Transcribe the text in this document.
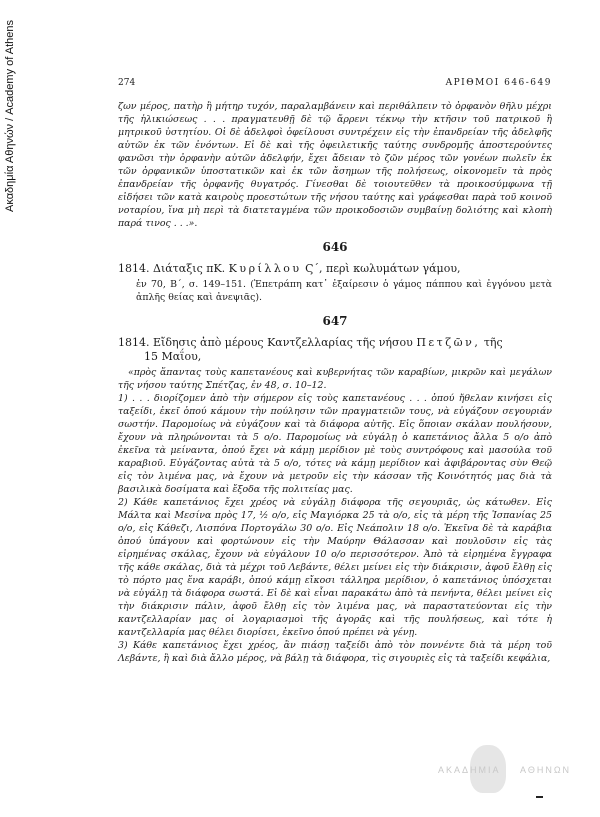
Ακαδημία Αθηνών / Academy of Athens	274	ΑΡΙΘΜΟΙ 646-649

ζων μέρος, πατὴρ ἢ μήτηρ τυχόν, παραλαμβάνειν καὶ περιθάλπειν τὸ ὀρφανὸν θῆλυ μέχρι τῆς ἡλικιώσεως . . . πραγματευθῇ δὲ τῷ ἄρρενι τέκνῳ τὴν κτῆσιν τοῦ πατρικοῦ ἢ μητρικοῦ ὑστητίου. Οἱ δὲ ἀδελφοὶ ὀφείλουσι συντρέχειν εἰς τὴν ἐπανδρείαν τῆς ἀδελφῆς αὐτῶν ἐκ τῶν ἐνόντων. Εἰ δὲ καὶ τῆς ὀφειλετικῆς ταύτης συνδρομῆς ἀποστερούντες φανῶσι τὴν ὀρφανὴν αὐτῶν ἀδελφήν, ἔχει ἄδειαν τὸ ζῶν μέρος τῶν γονέων πωλεῖν ἐκ τῶν ὀρφανικῶν ὑποστατικῶν καὶ ἐκ τῶν ἄσημων τῆς πολήσεως, οἰκονομεῖν τὰ πρὸς ἐπανδρείαν τῆς ὀρφανῆς θυγατρός. Γίνεσθαι δὲ τοιουτεῦθεν τὰ προικοσύμφωνα τῇ εἰδήσει τῶν κατὰ καιροὺς προεστώτων τῆς νήσου ταύτης καὶ γράφεσθαι παρὰ τοῦ κοινοῦ νοταρίου, ἵνα μὴ περὶ τὰ διατεταγμένα τῶν προικοδοσιῶν συμβαίνῃ δολιότης καὶ κλοπὴ παρά τινος . . .».

646

1814. Διάταξις πΚ. Κυρίλλου Ϛ΄, περὶ κωλυμάτων γάμου,

ἐν 70, Β΄, σ. 149–151. (Ἐπετράπη κατ᾿ ἐξαίρεσιν ὁ γάμος πάππου καὶ ἐγγόνου μετὰ ἀπλῆς θείας καὶ ἀνεψιᾶς).

647

1814. Εἴδησις ἀπὸ μέρους Καντζελλαρίας τῆς νήσου Πετζῶν, τῆς
15 Μαΐου,

«πρὸς ἅπαντας τοὺς καπετανέους καὶ κυβερνήτας τῶν καραβίων, μικρῶν καὶ μεγάλων τῆς νήσου ταύτης Σπέτζας, ἐν 48, σ. 10–12.

1) . . . διορίζομεν ἀπὸ τὴν σήμερον εἰς τοὺς καπετανέους . . . ὁπού ἤθελαν κινήσει εἰς ταξείδι, ἐκεῖ ὁπού κάμουν τὴν πούλησιν τῶν πραγματειῶν τους, νὰ εὐγάζουν σεγουριάν σωστήν. Παρομοίως νὰ εὐγάζουν καὶ τὰ διάφορα αὐτῆς. Εἰς ὅποιαν σκάλαν πουλήσουν, ἔχουν νὰ πληρώνονται τὰ 5 ο/ο. Παρομοίως νὰ εὐγάλῃ ὁ καπετάνιος ἄλλα 5 ο/ο ἀπὸ ἐκεῖνα τὰ μείναντα, ὁπού ἔχει νὰ κάμῃ μερίδιον μὲ τοὺς συντρόφους καὶ μασούλα τοῦ καραβιοῦ. Εὐγάζοντας αὐτὰ τὰ 5 ο/ο, τότες νὰ κάμῃ μερίδιον καὶ ἀφιβάροντας σὺν Θεῷ εἰς τὸν λιμένα μας, νὰ ἔχουν νὰ μετροῦν εἰς τὴν κάσσαν τῆς Κοινότητός μας διὰ τὰ βασιλικὰ δοσίματα καὶ ἔξοδα τῆς πολιτείας μας.

2) Κάθε καπετάνιος ἔχει χρέος νὰ εὐγάλῃ διάφορα τῆς σεγουριᾶς, ὡς κάτωθεν. Εἰς Μάλτα καὶ Μεσίνα πρὸς 17, ½ ο/ο, εἰς Μαγιόρκα 25 τὰ ο/ο, εἰς τὰ μέρη τῆς Ἰσπανίας 25 ο/ο, εἰς Κάθεζι, Λισπόνα Πορτογάλω 30 ο/ο. Εἰς Νεάπολιν 18 ο/ο. Ἐκεῖνα δὲ τὰ καράβια ὁπού ὑπάγουν καὶ φορτώνουν εἰς τὴν Μαύρην Θάλασσαν καὶ πουλοῦσιν εἰς τὰς εἰρημένας σκάλας, ἔχουν νὰ εὐγάλουν 10 ο/ο περισσότερον. Ἀπὸ τὰ εἰρημένα ἔγγραφα τῆς κάθε σκάλας, διὰ τὰ μέχρι τοῦ Λεβάντε, θέλει μείνει εἰς τὴν διάκρισιν, ἀφοῦ ἔλθῃ εἰς τὸ πόρτο μας ἕνα καράβι, ὁπού κάμῃ εἴκοσι τάλληρα μερίδιον, ὁ καπετάνιος ὑπόσχεται νὰ εὐγάλῃ τὰ διάφορα σωστά. Εἰ δὲ καὶ εἶναι παρακάτω ἀπὸ τὰ πενήντα, θέλει μείνει εἰς τὴν διάκρισιν πάλιν, ἀφοῦ ἔλθῃ εἰς τὸν λιμένα μας, νὰ παραστατεύονται εἰς τὴν καντζελλαρίαν μας οἱ λογαριασμοὶ τῆς ἀγορᾶς καὶ τῆς πουλήσεως, καὶ τότε ἡ καντζελλαρία μας θέλει διορίσει, ἐκεῖνο ὁπού πρέπει νὰ γένῃ.

3) Κάθε καπετάνιος ἔχει χρέος, ἂν πιάσῃ ταξείδι ἀπὸ τὸν ποννέντε διὰ τὰ μέρη τοῦ Λεβάντε, ἢ καὶ διὰ ἄλλο μέρος, νὰ βάλῃ τὰ διάφορα, τὶς σιγουριὲς εἰς τὰ ταξείδι κεφάλια,

ΑΚΑΔΗΜΙΑ ΑΘΗΝΩΝ
